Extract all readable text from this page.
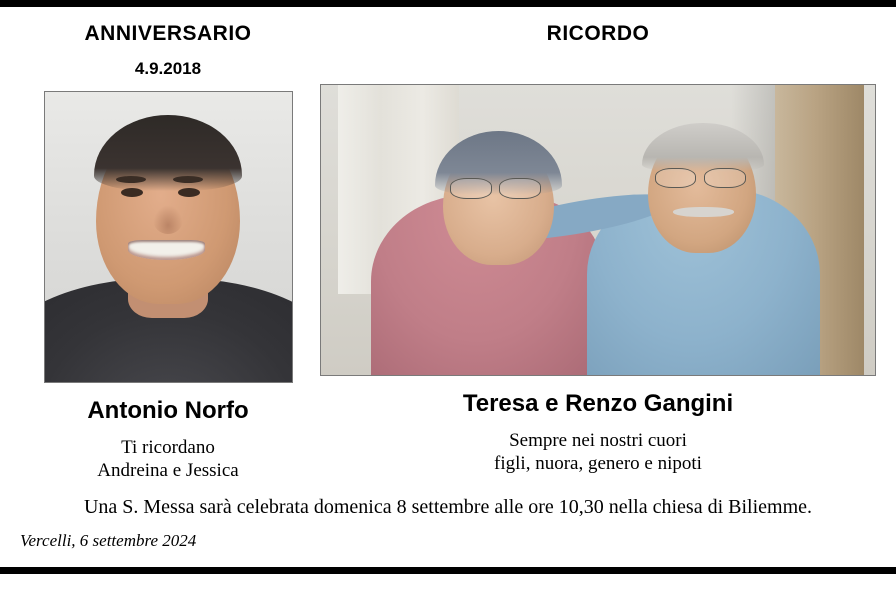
ANNIVERSARIO
4.9.2018
Antonio Norfo
Ti ricordano
Andreina e Jessica
RICORDO
Teresa e Renzo Gangini
Sempre nei nostri cuori
figli, nuora, genero e nipoti
Una S. Messa sarà celebrata domenica 8 settembre alle ore 10,30 nella chiesa di Biliemme.
Vercelli, 6 settembre 2024
